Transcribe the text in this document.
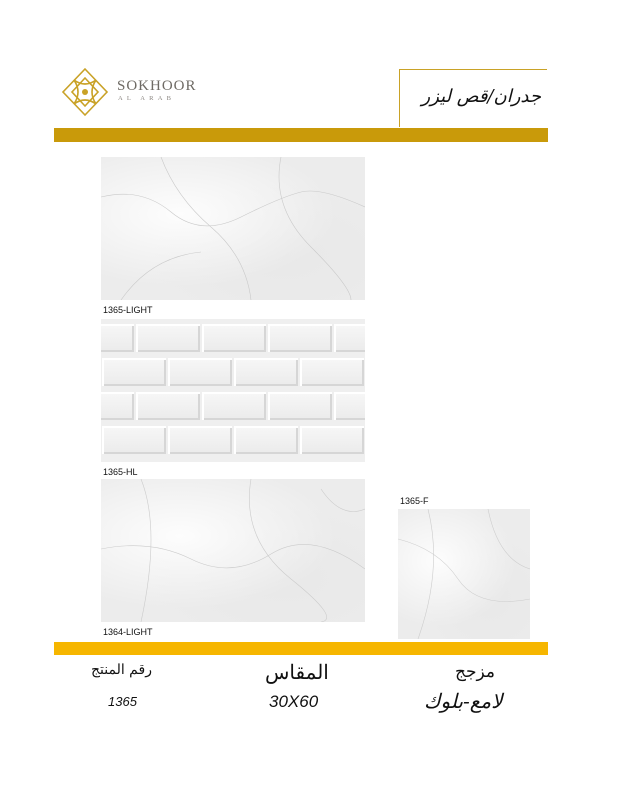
SOKHOOR
AL ARAB	جدران/قص ليزر
1365-LIGHT
1365-HL
1364-LIGHT
1365-F
رقم المنتج
1365
المقاس
30X60
مزجج
لامع-بلوك
